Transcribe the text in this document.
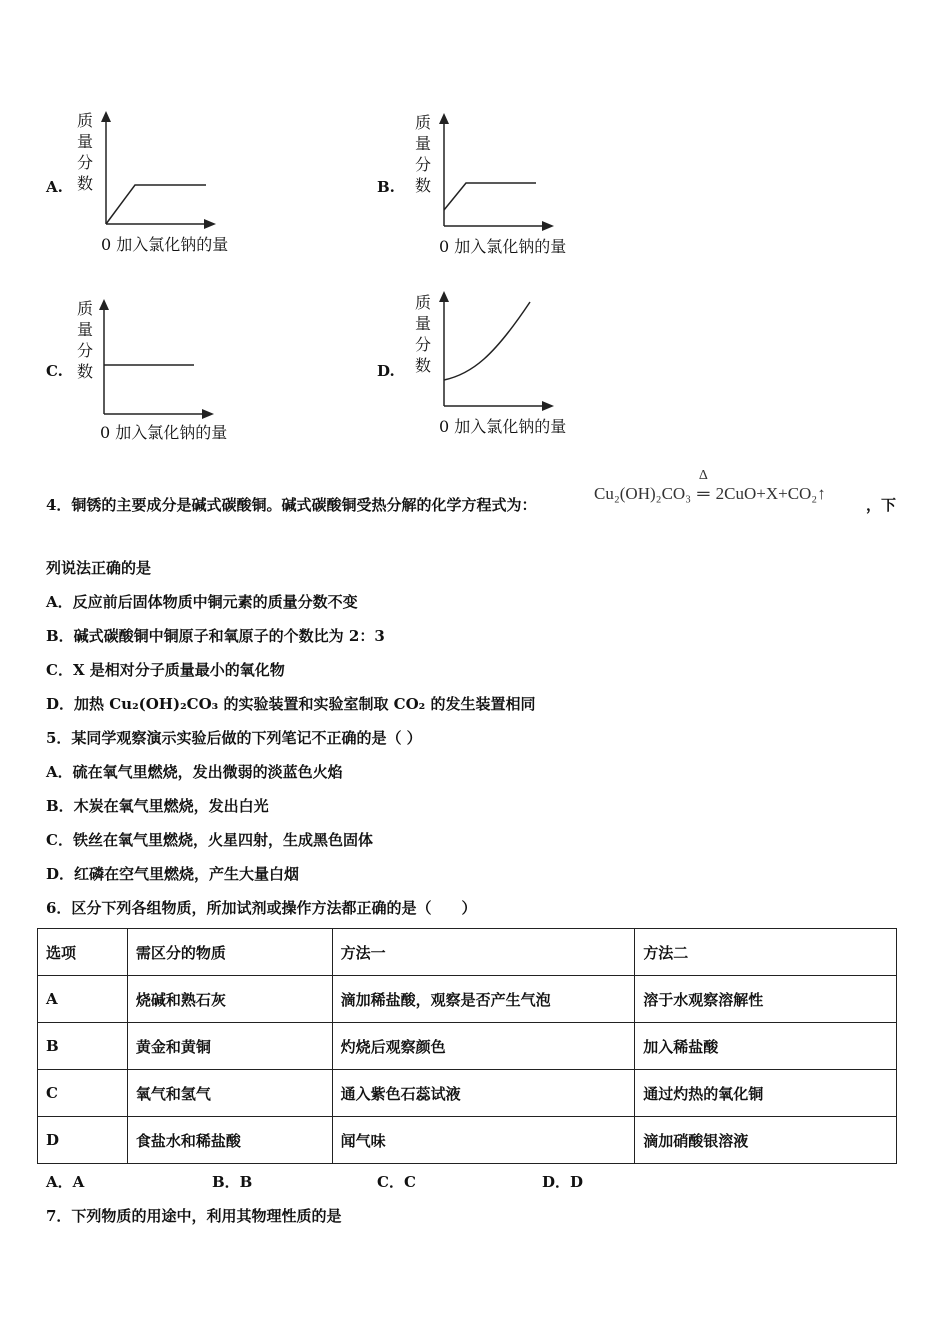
A.
质
量
分
数
0 加入氯化钠的量
B.
质
量
分
数
0 加入氯化钠的量
C.
质
量
分
数
0 加入氯化钠的量
D.
质
量
分
数
0 加入氯化钠的量
4．铜锈的主要成分是碱式碳酸铜。碱式碳酸铜受热分解的化学方程式为：
Cu₂(OH)₂CO₃
Δ
═ 2CuO+X+CO₂↑
，下
列说法正确的是
A．反应前后固体物质中铜元素的质量分数不变
B．碱式碳酸铜中铜原子和氧原子的个数比为 2：3
C．X 是相对分子质量最小的氧化物
D．加热 Cu₂(OH)₂CO₃ 的实验装置和实验室制取 CO₂ 的发生装置相同
5．某同学观察演示实验后做的下列笔记不正确的是（ ）
A．硫在氧气里燃烧，发出微弱的淡蓝色火焰
B．木炭在氧气里燃烧，发出白光
C．铁丝在氧气里燃烧，火星四射，生成黑色固体
D．红磷在空气里燃烧，产生大量白烟
6．区分下列各组物质，所加试剂或操作方法都正确的是（　　）
选项	需区分的物质	方法一	方法二
A	烧碱和熟石灰	滴加稀盐酸，观察是否产生气泡	溶于水观察溶解性
B	黄金和黄铜	灼烧后观察颜色	加入稀盐酸
C	氧气和氢气	通入紫色石蕊试液	通过灼热的氧化铜
D	食盐水和稀盐酸	闻气味	滴加硝酸银溶液
A．A	B．B	C．C	D．D
7．下列物质的用途中，利用其物理性质的是
